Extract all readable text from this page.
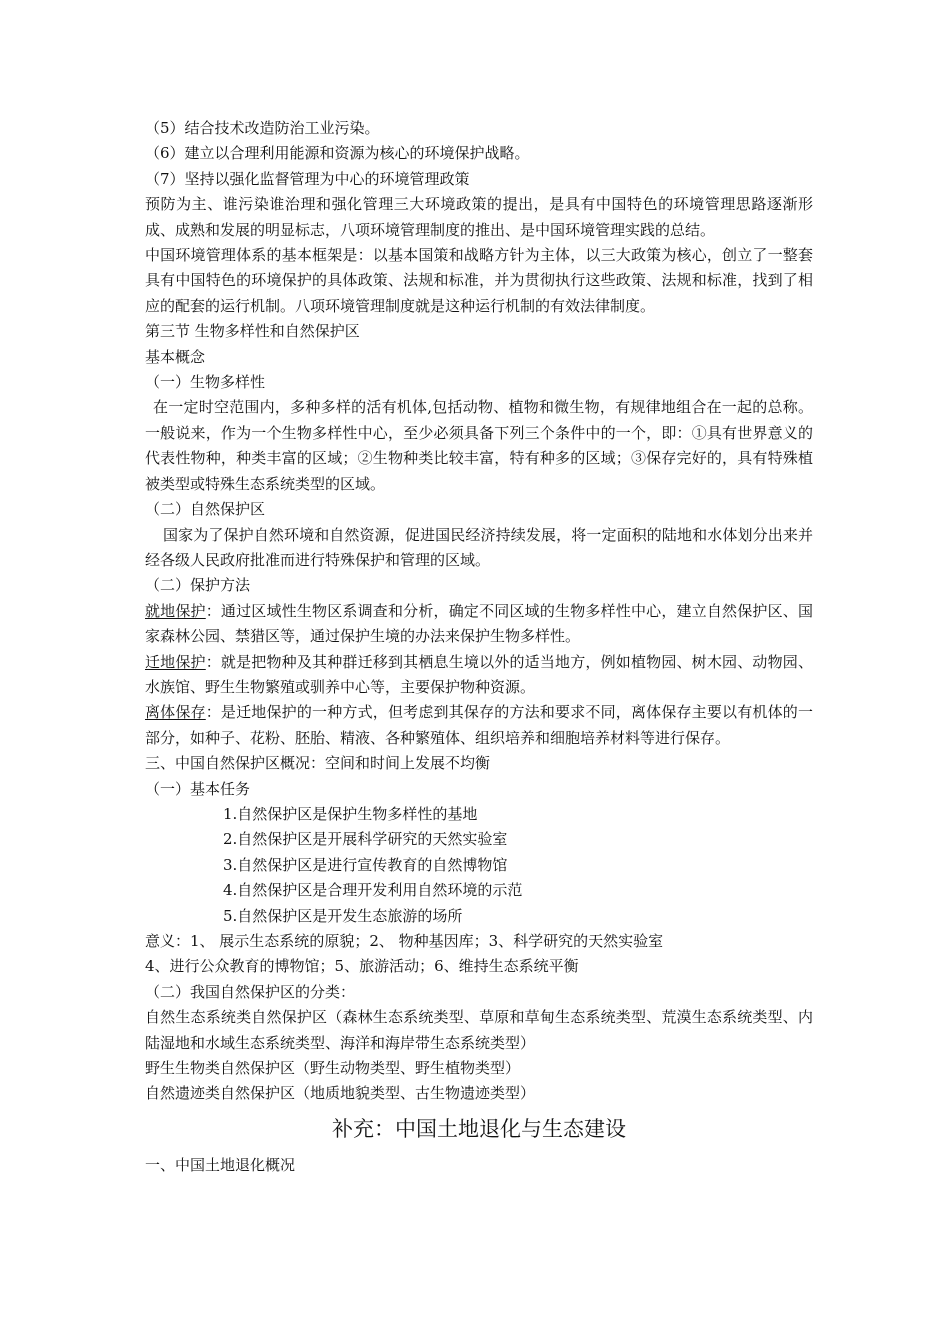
（5）结合技术改造防治工业污染。

（6）建立以合理利用能源和资源为核心的环境保护战略。

（7）坚持以强化监督管理为中心的环境管理政策

预防为主、谁污染谁治理和强化管理三大环境政策的提出，是具有中国特色的环境管理思路逐渐形成、成熟和发展的明显标志，八项环境管理制度的推出、是中国环境管理实践的总结。

中国环境管理体系的基本框架是：以基本国策和战略方针为主体，以三大政策为核心，创立了一整套具有中国特色的环境保护的具体政策、法规和标准，并为贯彻执行这些政策、法规和标准，找到了相应的配套的运行机制。八项环境管理制度就是这种运行机制的有效法律制度。

第三节 生物多样性和自然保护区

基本概念

（一）生物多样性

在一定时空范围内，多种多样的活有机体,包括动物、植物和微生物，有规律地组合在一起的总称。一般说来，作为一个生物多样性中心，至少必须具备下列三个条件中的一个，即：①具有世界意义的代表性物种，种类丰富的区域；②生物种类比较丰富，特有种多的区域；③保存完好的，具有特殊植被类型或特殊生态系统类型的区域。

（二）自然保护区

国家为了保护自然环境和自然资源，促进国民经济持续发展，将一定面积的陆地和水体划分出来并经各级人民政府批准而进行特殊保护和管理的区域。

（二）保护方法

就地保护：通过区域性生物区系调查和分析，确定不同区域的生物多样性中心，建立自然保护区、国家森林公园、禁猎区等，通过保护生境的办法来保护生物多样性。

迁地保护：就是把物种及其种群迁移到其栖息生境以外的适当地方，例如植物园、树木园、动物园、水族馆、野生生物繁殖或驯养中心等，主要保护物种资源。

离体保存：是迁地保护的一种方式，但考虑到其保存的方法和要求不同，离体保存主要以有机体的一部分，如种子、花粉、胚胎、精液、各种繁殖体、组织培养和细胞培养材料等进行保存。

三、中国自然保护区概况：空间和时间上发展不均衡

（一）基本任务

1.自然保护区是保护生物多样性的基地

2.自然保护区是开展科学研究的天然实验室

3.自然保护区是进行宣传教育的自然博物馆

4.自然保护区是合理开发利用自然环境的示范

5.自然保护区是开发生态旅游的场所

意义：1、 展示生态系统的原貌；2、 物种基因库；3、科学研究的天然实验室

4、进行公众教育的博物馆；5、旅游活动；6、维持生态系统平衡

（二）我国自然保护区的分类：

自然生态系统类自然保护区（森林生态系统类型、草原和草甸生态系统类型、荒漠生态系统类型、内陆湿地和水域生态系统类型、海洋和海岸带生态系统类型）

野生生物类自然保护区（野生动物类型、野生植物类型）

自然遗迹类自然保护区（地质地貌类型、古生物遗迹类型）

补充：中国土地退化与生态建设

一、中国土地退化概况
